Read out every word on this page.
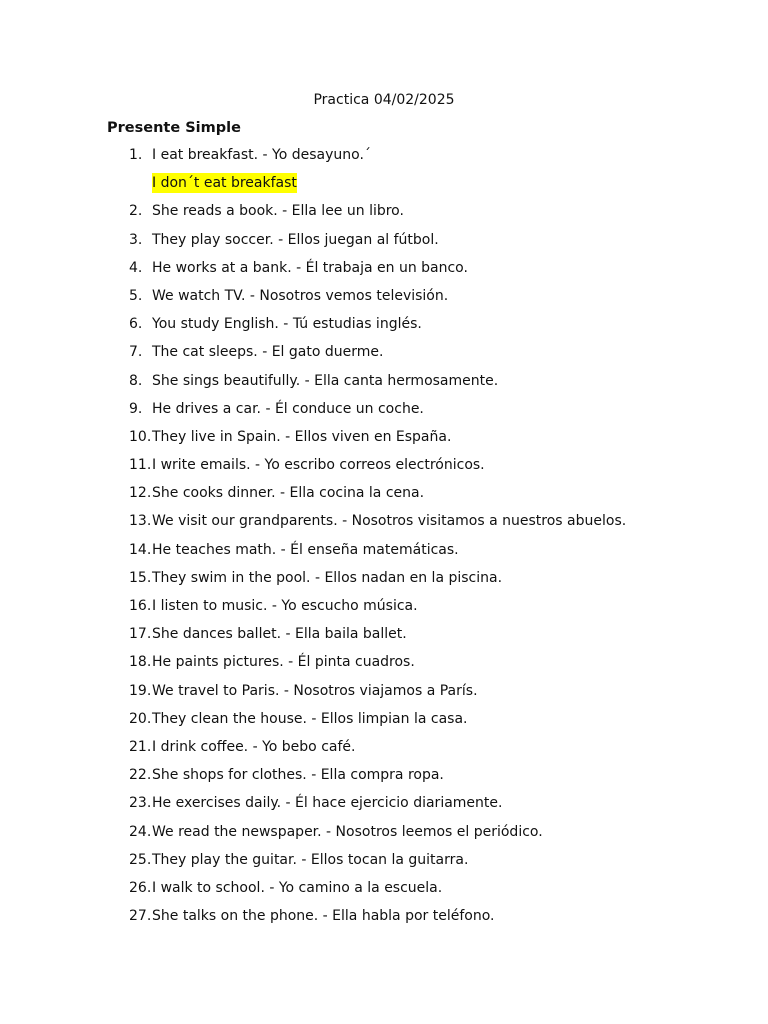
Practica 04/02/2025
Presente Simple
1. I eat breakfast. - Yo desayuno.´
I don´t eat breakfast
2. She reads a book. - Ella lee un libro.
3. They play soccer. - Ellos juegan al fútbol.
4. He works at a bank. - Él trabaja en un banco.
5. We watch TV. - Nosotros vemos televisión.
6. You study English. - Tú estudias inglés.
7. The cat sleeps. - El gato duerme.
8. She sings beautifully. - Ella canta hermosamente.
9. He drives a car. - Él conduce un coche.
10. They live in Spain. - Ellos viven en España.
11. I write emails. - Yo escribo correos electrónicos.
12. She cooks dinner. - Ella cocina la cena.
13. We visit our grandparents. - Nosotros visitamos a nuestros abuelos.
14. He teaches math. - Él enseña matemáticas.
15. They swim in the pool. - Ellos nadan en la piscina.
16. I listen to music. - Yo escucho música.
17. She dances ballet. - Ella baila ballet.
18. He paints pictures. - Él pinta cuadros.
19. We travel to Paris. - Nosotros viajamos a París.
20. They clean the house. - Ellos limpian la casa.
21. I drink coffee. - Yo bebo café.
22. She shops for clothes. - Ella compra ropa.
23. He exercises daily. - Él hace ejercicio diariamente.
24. We read the newspaper. - Nosotros leemos el periódico.
25. They play the guitar. - Ellos tocan la guitarra.
26. I walk to school. - Yo camino a la escuela.
27. She talks on the phone. - Ella habla por teléfono.
